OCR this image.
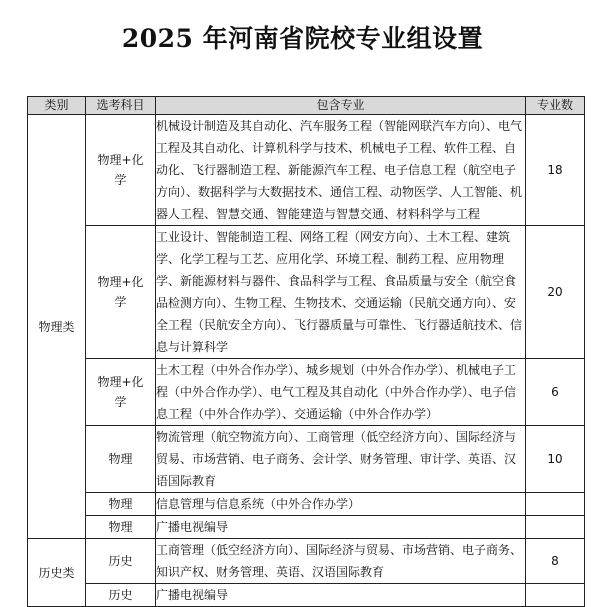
2025 年河南省院校专业组设置
类别	选考科目	包含专业	专业数
物理类	物理+化学	机械设计制造及其自动化、汽车服务工程（智能网联汽车方向）、电气工程及其自动化、计算机科学与技术、机械电子工程、软件工程、自动化、飞行器制造工程、新能源汽车工程、电子信息工程（航空电子方向）、数据科学与大数据技术、通信工程、动物医学、人工智能、机器人工程、智慧交通、智能建造与智慧交通、材料科学与工程	18
	物理+化学	工业设计、智能制造工程、网络工程（网安方向）、土木工程、建筑学、化学工程与工艺、应用化学、环境工程、制药工程、应用物理学、新能源材料与器件、食品科学与工程、食品质量与安全（航空食品检测方向）、生物工程、生物技术、交通运输（民航交通方向）、安全工程（民航安全方向）、飞行器质量与可靠性、飞行器适航技术、信息与计算科学	20
	物理+化学	土木工程（中外合作办学）、城乡规划（中外合作办学）、机械电子工程（中外合作办学）、电气工程及其自动化（中外合作办学）、电子信息工程（中外合作办学）、交通运输（中外合作办学）	6
	物理	物流管理（航空物流方向）、工商管理（低空经济方向）、国际经济与贸易、市场营销、电子商务、会计学、财务管理、审计学、英语、汉语国际教育	10
	物理	信息管理与信息系统（中外合作办学）	
	物理	广播电视编导	
历史类	历史	工商管理（低空经济方向）、国际经济与贸易、市场营销、电子商务、知识产权、财务管理、英语、汉语国际教育	8
	历史	广播电视编导	
